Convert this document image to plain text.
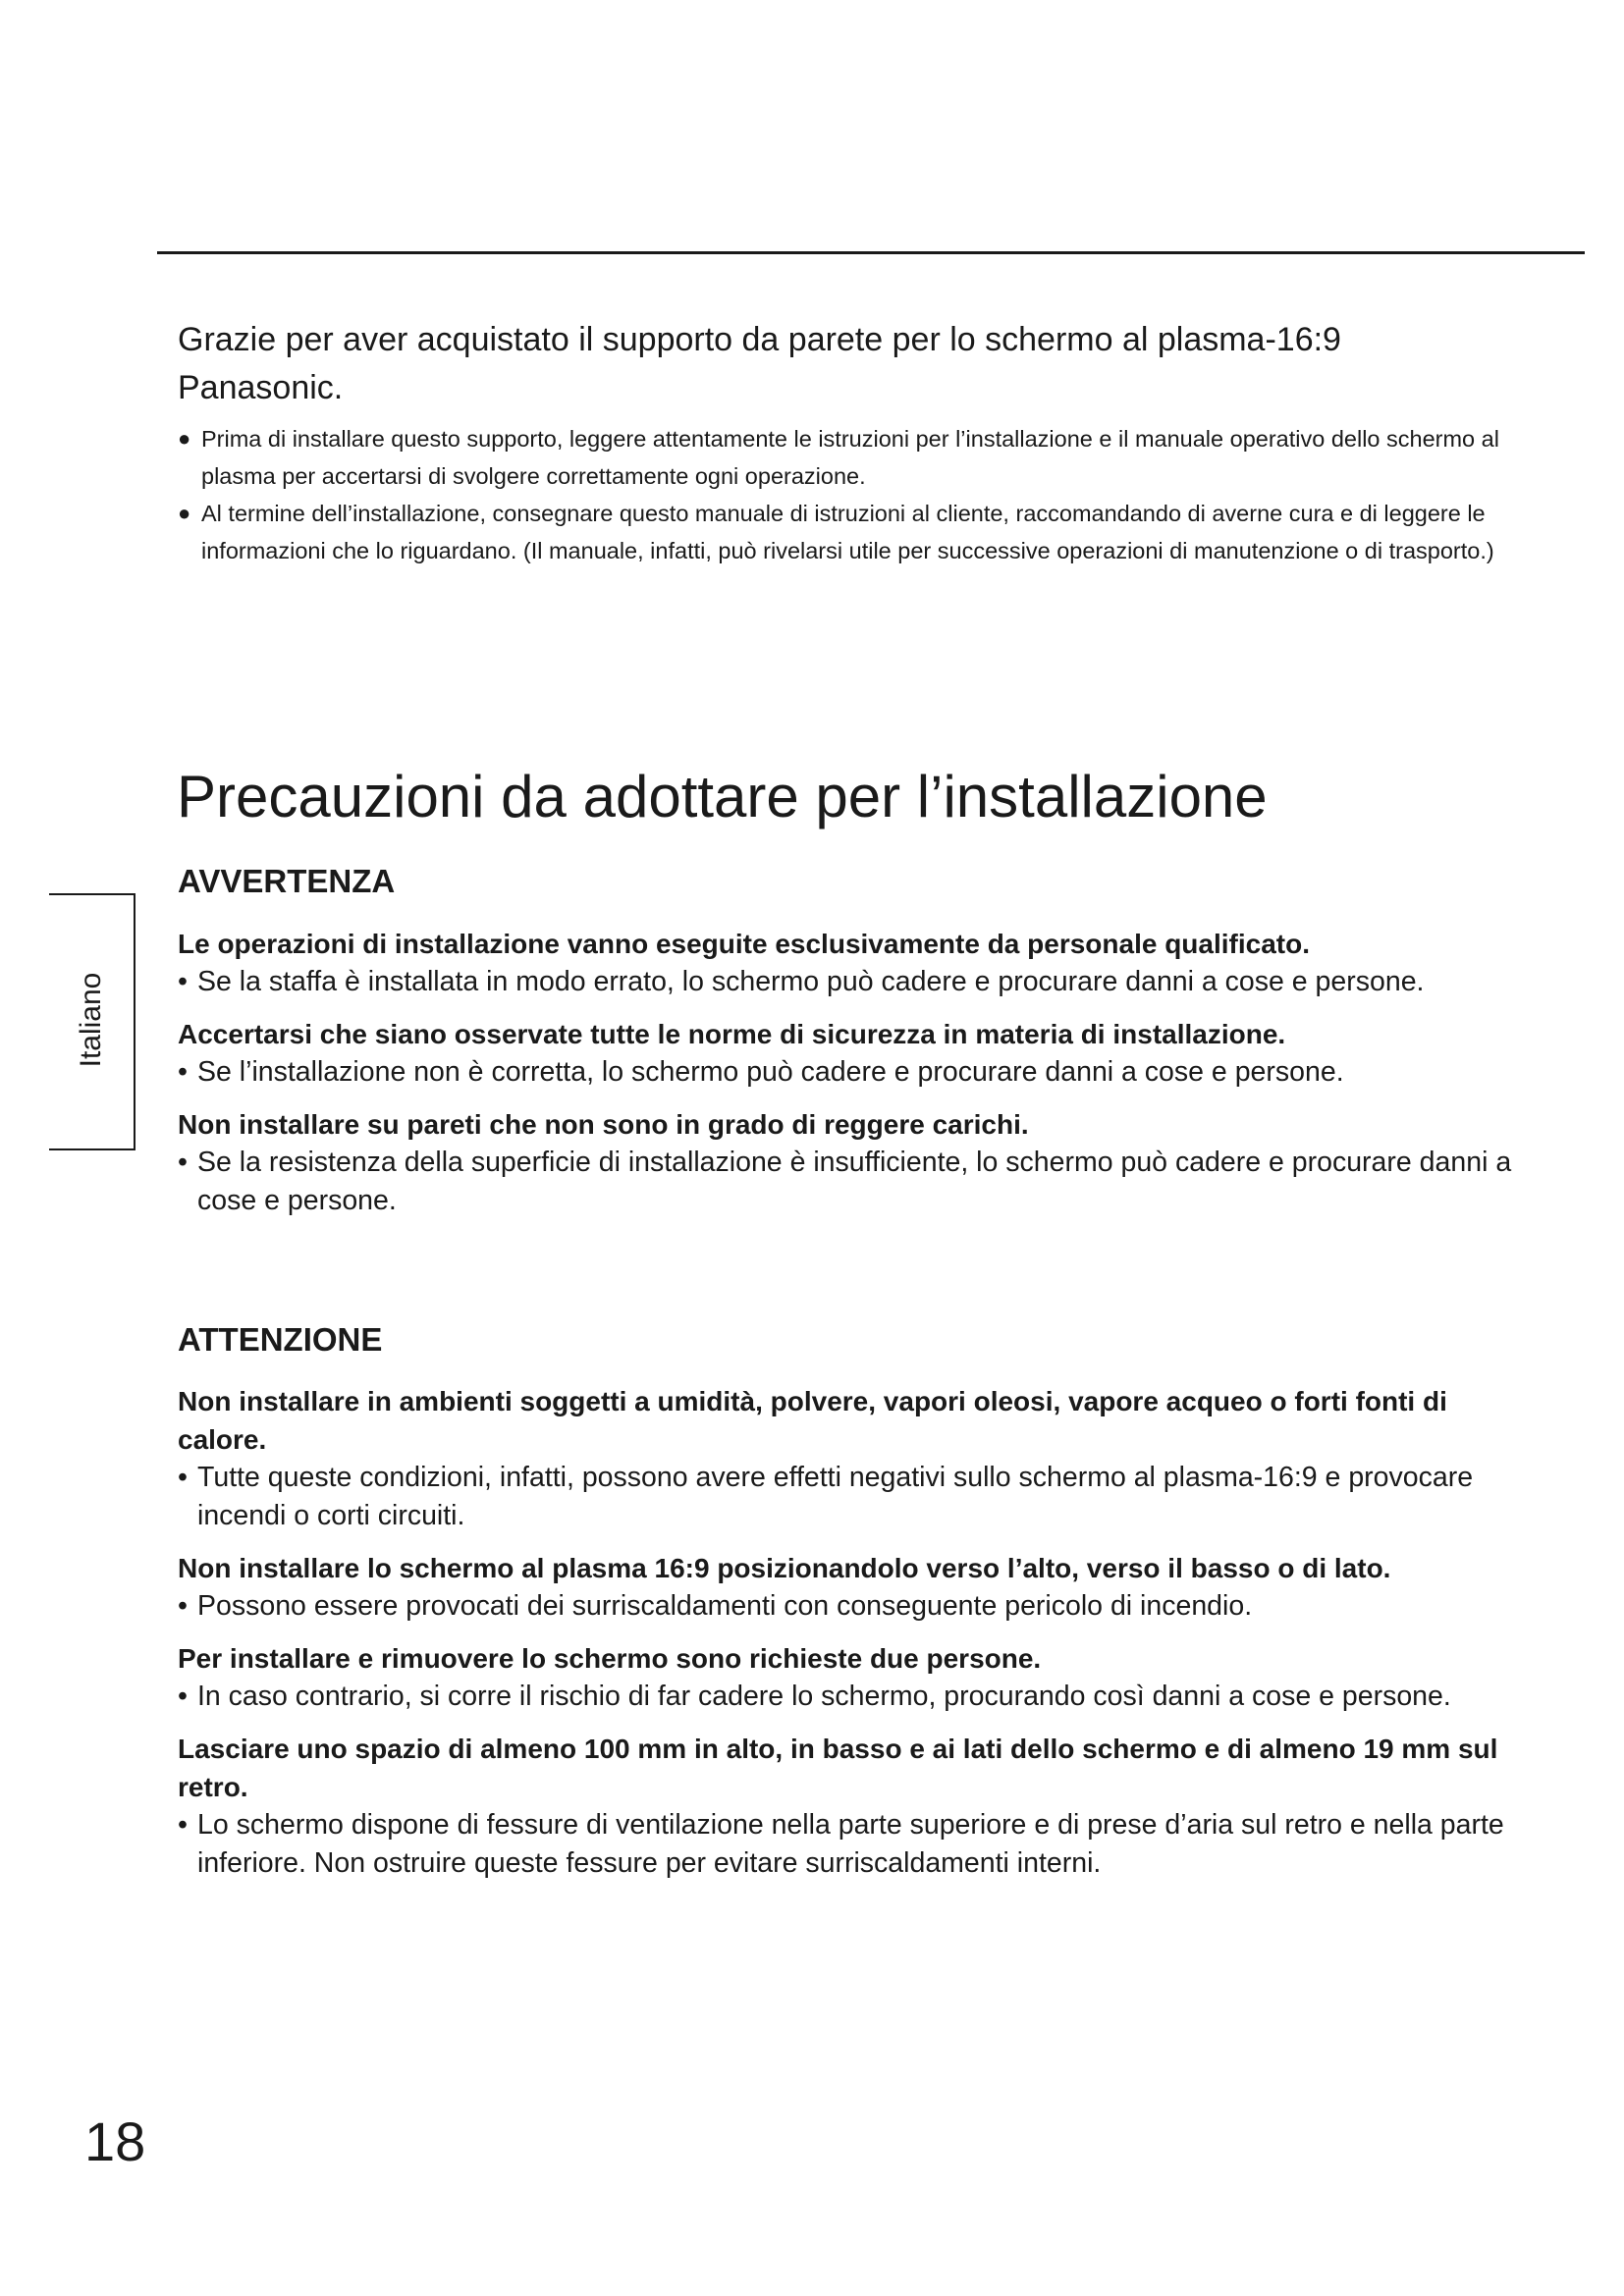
Grazie per aver acquistato il supporto da parete per lo schermo al plasma-16:9 Panasonic.

● Prima di installare questo supporto, leggere attentamente le istruzioni per l’installazione e il manuale operativo dello schermo al plasma per accertarsi di svolgere correttamente ogni operazione.
● Al termine dell’installazione, consegnare questo manuale di istruzioni al cliente, raccomandando di averne cura e di leggere le informazioni che lo riguardano. (Il manuale, infatti, può rivelarsi utile per successive operazioni di manutenzione o di trasporto.)
Precauzioni da adottare per l’installazione
Italiano
AVVERTENZA
Le operazioni di installazione vanno eseguite esclusivamente da personale qualificato.

• Se la staffa è installata in modo errato, lo schermo può cadere e procurare danni a cose e persone.

Accertarsi che siano osservate tutte le norme di sicurezza in materia di installazione.

• Se l’installazione non è corretta, lo schermo può cadere e procurare danni a cose e persone.

Non installare su pareti che non sono in grado di reggere carichi.

• Se la resistenza della superficie di installazione è insufficiente, lo schermo può cadere e procurare danni a cose e persone.

ATTENZIONE
Non installare in ambienti soggetti a umidità, polvere, vapori oleosi, vapore acqueo o forti fonti di calore.

• Tutte queste condizioni, infatti, possono avere effetti negativi sullo schermo al plasma-16:9 e provocare incendi o corti circuiti.

Non installare lo schermo al plasma 16:9 posizionandolo verso l’alto, verso il basso o di lato.

• Possono essere provocati dei surriscaldamenti con conseguente pericolo di incendio.

Per installare e rimuovere lo schermo sono richieste due persone.

• In caso contrario, si corre il rischio di far cadere lo schermo, procurando così danni a cose e persone.

Lasciare uno spazio di almeno 100 mm in alto, in basso e ai lati dello schermo e di almeno 19 mm sul retro.

• Lo schermo dispone di fessure di ventilazione nella parte superiore e di prese d’aria sul retro e nella parte inferiore. Non ostruire queste fessure per evitare surriscaldamenti interni.

18
